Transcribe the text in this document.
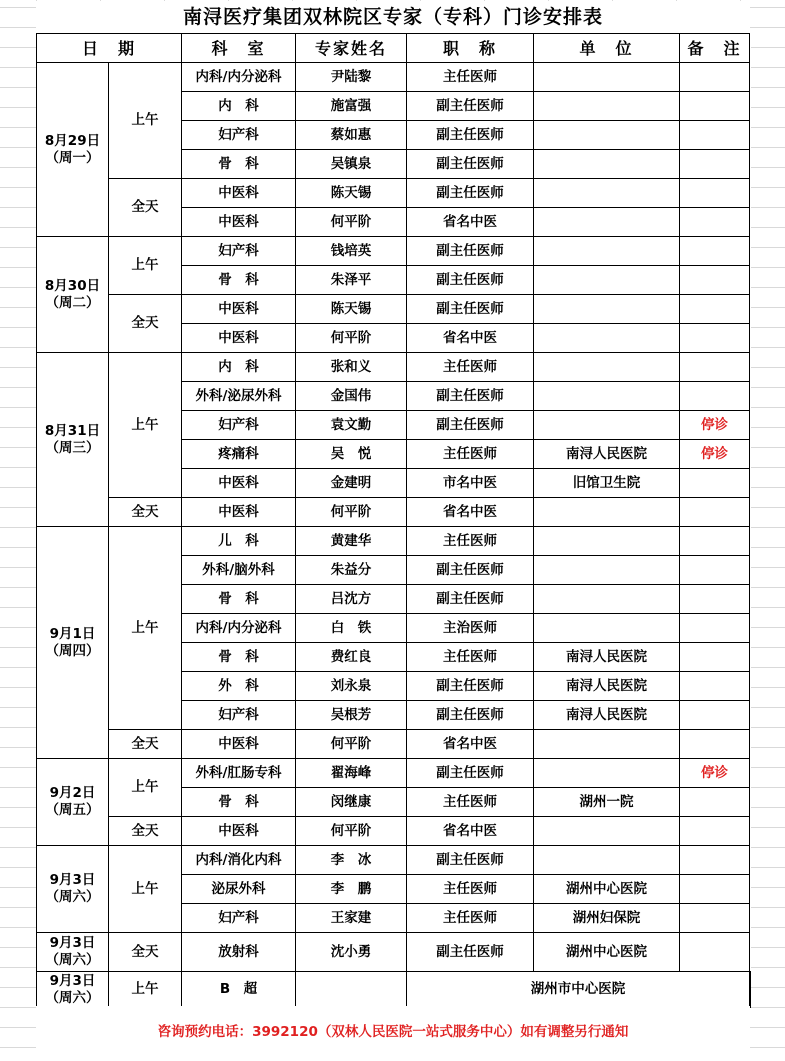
南浔医疗集团双林院区专家（专科）门诊安排表
日　期		科　室	专家姓名	职　称	单　位	备　注	

8月29日
（周一）	上午	内科/内分泌科	尹陆黎	主任医师			
		内　科	施富强	副主任医师			
		妇产科	蔡如惠	副主任医师			
		骨　科	吴镇泉	副主任医师			
	全天	中医科	陈天锡	副主任医师			
		中医科	何平阶	省名中医			

8月30日
（周二）	上午	妇产科	钱培英	副主任医师			
		骨　科	朱泽平	副主任医师			
	全天	中医科	陈天锡	副主任医师			
		中医科	何平阶	省名中医			

8月31日
（周三）	上午	内　科	张和义	主任医师			
		外科/泌尿外科	金国伟	副主任医师			
		妇产科	袁文勤	副主任医师		停诊	
		疼痛科	吴　悦	主任医师	南浔人民医院	停诊	
		中医科	金建明	市名中医	旧馆卫生院		
	全天	中医科	何平阶	省名中医			

9月1日
（周四）	上午	儿　科	黄建华	主任医师			
		外科/脑外科	朱益分	副主任医师			
		骨　科	吕沈方	副主任医师			
		内科/内分泌科	白　铁	主治医师			
		骨　科	费红良	主任医师	南浔人民医院		
		外　科	刘永泉	副主任医师	南浔人民医院		
		妇产科	吴根芳	副主任医师	南浔人民医院		
	全天	中医科	何平阶	省名中医			

9月2日
（周五）	上午	外科/肛肠专科	翟海峰	副主任医师		停诊	
		骨　科	闵继康	主任医师	湖州一院		
	全天	中医科	何平阶	省名中医			

9月3日
（周六）	上午	内科/消化内科	李　冰	副主任医师			
		泌尿外科	李　鹏	主任医师	湖州中心医院		
		妇产科	王家建	主任医师	湖州妇保院		

9月3日
（周六）	全天	放射科	沈小勇	副主任医师	湖州中心医院		

9月3日
（周六）	上午	B　超		湖州市中心医院			
咨询预约电话：3992120（双林人民医院一站式服务中心）如有调整另行通知
